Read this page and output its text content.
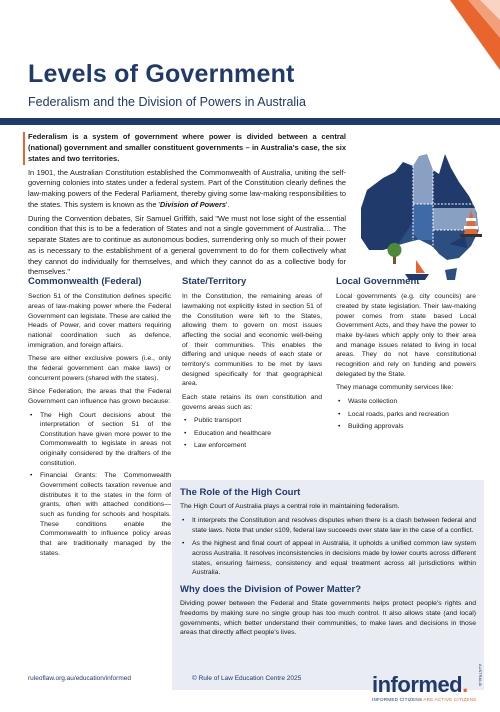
Levels of Government
Federalism and the Division of Powers in Australia

Federalism is a system of government where power is divided between a central (national) government and smaller constituent governments – in Australia's case, the six states and two territories.

In 1901, the Australian Constitution established the Commonwealth of Australia, uniting the self-governing colonies into states under a federal system. Part of the Constitution clearly defines the law-making powers of the Federal Parliament, thereby giving some law-making responsibilities to the states. This system is known as the 'Division of Powers'.

During the Convention debates, Sir Samuel Griffith, said "We must not lose sight of the essential condition that this is to be a federation of States and not a single government of Australia… The separate States are to continue as autonomous bodies, surrendering only so much of their power as is necessary to the establishment of a general government to do for them collectively what they cannot do individually for themselves, and which they cannot do as a collective body for themselves."

Commonwealth (Federal)

Section 51 of the Constitution defines specific areas of law-making power where the Federal Government can legislate. These are called the Heads of Power, and cover matters requiring national coordination such as defence, immigration, and foreign affairs.

These are either exclusive powers (i.e., only the federal government can make laws) or concurrent powers (shared with the states).

Since Federation, the areas that the Federal Government can influence has grown because:

• The High Court decisions about the interpretation of section 51 of the Constitution have given more power to the Commonwealth to legislate in areas not originally considered by the drafters of the constitution.
• Financial Grants: The Commonwealth Government collects taxation revenue and distributes it to the states in the form of grants, often with attached conditions—such as funding for schools and hospitals. These conditions enable the Commonwealth to influence policy areas that are traditionally managed by the states.
State/Territory

In the Constitution, the remaining areas of lawmaking not explicitly listed in section 51 of the Constitution were left to the States, allowing them to govern on most issues affecting the social and economic well-being of their communities. This enables the differing and unique needs of each state or territory's communities to be met by laws designed specifically for that geographical area.

Each state retains its own constitution and governs areas such as:

• Public transport
• Education and healthcare
• Law enforcement
Local Government

Local governments (e.g. city councils) are created by state legislation. Their law-making power comes from state based Local Government Acts, and they have the power to make by-laws which apply only to their area and manage issues related to living in local areas. They do not have constitutional recognition and rely on funding and powers delegated by the State.

They manage community services like:

• Waste collection
• Local roads, parks and recreation
• Building approvals
The Role of the High Court

The High Court of Australia plays a central role in maintaining federalism.

• It interprets the Constitution and resolves disputes when there is a clash between federal and state laws. Note that under s109, federal law succeeds over state law in the case of a conflict.
• As the highest and final court of appeal in Australia, it upholds a unified common law system across Australia. It resolves inconsistencies in decisions made by lower courts across different states, ensuring fairness, consistency and equal treatment across all jurisdictions within Australia.
Why does the Division of Power Matter?

Dividing power between the Federal and State governments helps protect people's rights and freedoms by making sure no single group has too much control. It also allows state (and local) governments, which better understand their communities, to make laws and decisions in those areas that directly affect people's lives.

ruleoflaw.org.au/education/informed	© Rule of Law Education Centre 2025	informed.
INFORMED CITIZENS ARE ACTIVE CITIZENS
AUSTRALIA
